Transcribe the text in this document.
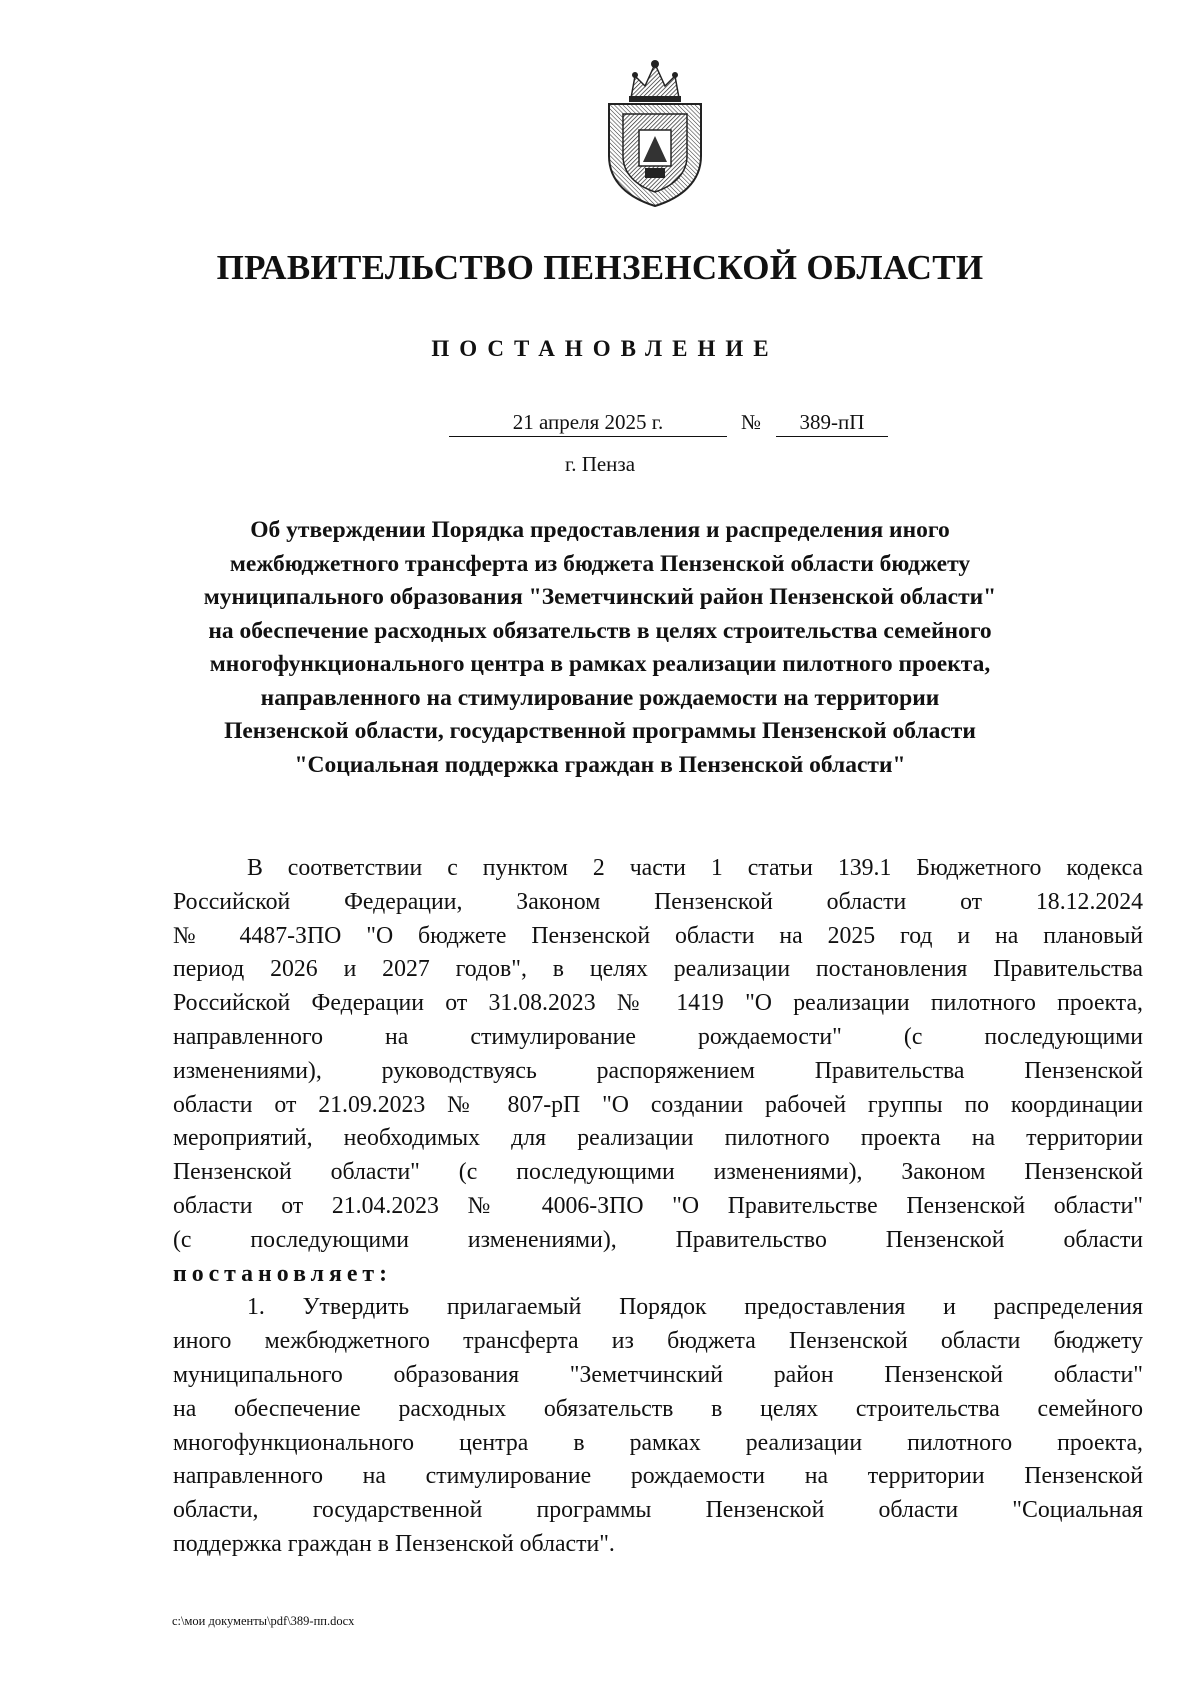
ПРАВИТЕЛЬСТВО ПЕНЗЕНСКОЙ ОБЛАСТИ
ПОСТАНОВЛЕНИЕ
21 апреля 2025 г.	№	389-пП
г. Пенза
Об утверждении Порядка предоставления и распределения иного
межбюджетного трансферта из бюджета Пензенской области бюджету
муниципального образования "Земетчинский район Пензенской области"
на обеспечение расходных обязательств в целях строительства семейного
многофункционального центра в рамках реализации пилотного проекта,
направленного на стимулирование рождаемости на территории
Пензенской области, государственной программы Пензенской области
"Социальная поддержка граждан в Пензенской области"
В соответствии с пунктом 2 части 1 статьи 139.1 Бюджетного кодекса
Российской Федерации, Законом Пензенской области от 18.12.2024
№ 4487-ЗПО "О бюджете Пензенской области на 2025 год и на плановый
период 2026 и 2027 годов", в целях реализации постановления Правительства
Российской Федерации от 31.08.2023 № 1419 "О реализации пилотного проекта,
направленного на стимулирование рождаемости" (с последующими
изменениями), руководствуясь распоряжением Правительства Пензенской
области от 21.09.2023 № 807-рП "О создании рабочей группы по координации
мероприятий, необходимых для реализации пилотного проекта на территории
Пензенской области" (с последующими изменениями), Законом Пензенской
области от 21.04.2023 № 4006-ЗПО "О Правительстве Пензенской области"
(с последующими изменениями), Правительство Пензенской области
постановляет:
1. Утвердить прилагаемый Порядок предоставления и распределения
иного межбюджетного трансферта из бюджета Пензенской области бюджету
муниципального образования "Земетчинский район Пензенской области"
на обеспечение расходных обязательств в целях строительства семейного
многофункционального центра в рамках реализации пилотного проекта,
направленного на стимулирование рождаемости на территории Пензенской
области, государственной программы Пензенской области "Социальная
поддержка граждан в Пензенской области".
c:\мои документы\pdf\389-пп.docx
